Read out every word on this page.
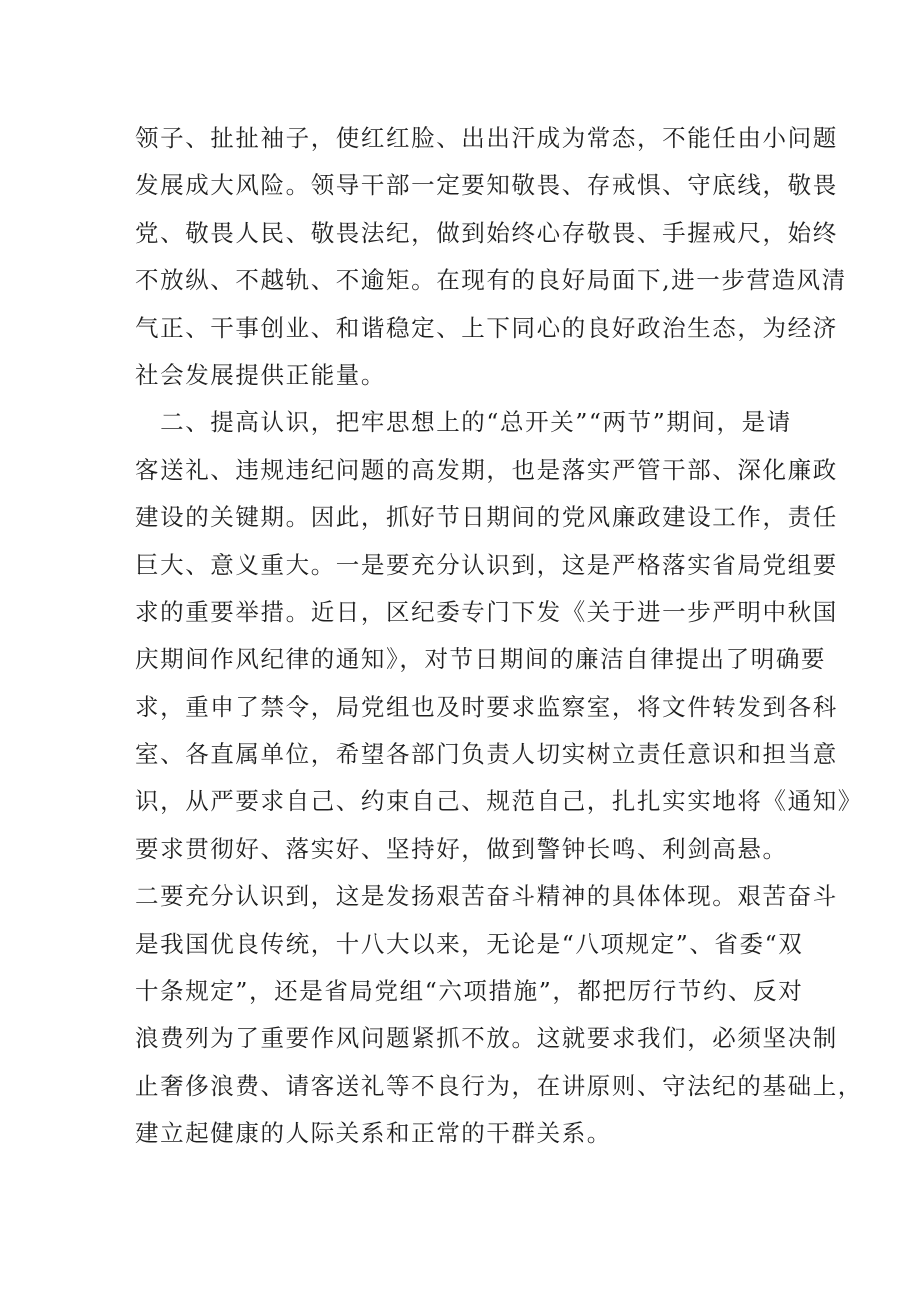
领子、扯扯袖子，使红红脸、出出汗成为常态，不能任由小问题
发展成大风险。领导干部一定要知敬畏、存戒惧、守底线，敬畏
党、敬畏人民、敬畏法纪，做到始终心存敬畏、手握戒尺，始终
不放纵、不越轨、不逾矩。在现有的良好局面下,进一步营造风清
气正、干事创业、和谐稳定、上下同心的良好政治生态，为经济
社会发展提供正能量。
　二、提高认识，把牢思想上的“总开关”“两节”期间，是请
客送礼、违规违纪问题的高发期，也是落实严管干部、深化廉政
建设的关键期。因此，抓好节日期间的党风廉政建设工作，责任
巨大、意义重大。一是要充分认识到，这是严格落实省局党组要
求的重要举措。近日，区纪委专门下发《关于进一步严明中秋国
庆期间作风纪律的通知》，对节日期间的廉洁自律提出了明确要
求，重申了禁令，局党组也及时要求监察室，将文件转发到各科
室、各直属单位，希望各部门负责人切实树立责任意识和担当意
识，从严要求自己、约束自己、规范自己，扎扎实实地将《通知》
要求贯彻好、落实好、坚持好，做到警钟长鸣、利剑高悬。
二要充分认识到，这是发扬艰苦奋斗精神的具体体现。艰苦奋斗
是我国优良传统，十八大以来，无论是“八项规定”、省委“双
十条规定”，还是省局党组“六项措施”，都把厉行节约、反对
浪费列为了重要作风问题紧抓不放。这就要求我们，必须坚决制
止奢侈浪费、请客送礼等不良行为，在讲原则、守法纪的基础上，
建立起健康的人际关系和正常的干群关系。
